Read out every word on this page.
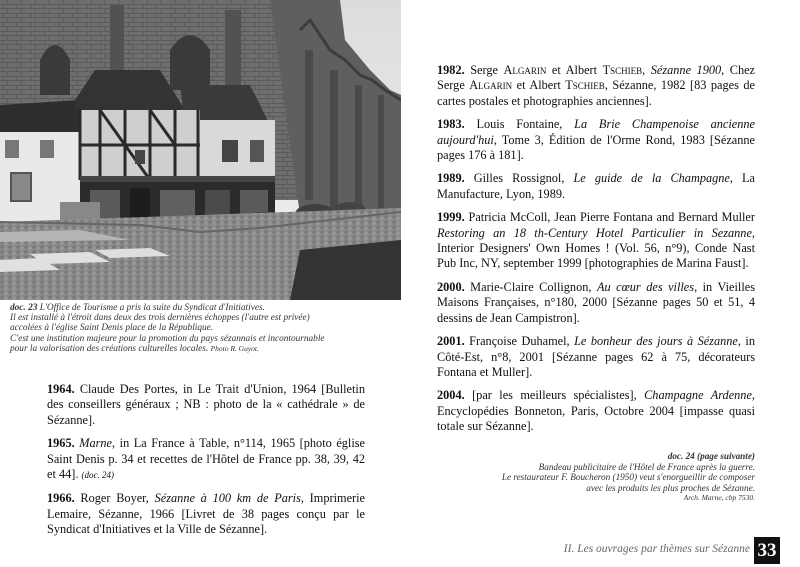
doc. 23 L'Office de Tourisme a pris la suite du Syndicat d'Initiatives.
Il est installé à l'étroit dans deux des trois dernières échoppes (l'autre est privée)
accolées à l'église Saint Denis place de la République.
C'est une institution majeure pour la promotion du pays sézannais et incontournable
pour la valorisation des créations culturelles locales. Photo R. Guyot.

1964. Claude Des Portes, in Le Trait d'Union, 1964 [Bulletin des conseillers généraux ; NB : photo de la « cathédrale » de Sézanne].

1965. Marne, in La France à Table, n°114, 1965 [photo église Saint Denis p. 34 et recettes de l'Hôtel de France pp. 38, 39, 42 et 44]. (doc. 24)

1966. Roger Boyer, Sézanne à 100 km de Paris, Imprimerie Lemaire, Sézanne, 1966 [Livret de 38 pages conçu par le Syndicat d'Initiatives et la Ville de Sézanne].

1982. Serge Algarin et Albert Tschieb, Sézanne 1900, Chez Serge Algarin et Albert Tschieb, Sézanne, 1982 [83 pages de cartes postales et photographies anciennes].

1983. Louis Fontaine, La Brie Champenoise ancienne aujourd'hui, Tome 3, Édition de l'Orme Rond, 1983 [Sézanne pages 176 à 181].

1989. Gilles Rossignol, Le guide de la Champagne, La Manufacture, Lyon, 1989.

1999. Patricia McColl, Jean Pierre Fontana and Bernard Muller Restoring an 18 th-Century Hotel Particulier in Sezanne, Interior Designers' Own Homes ! (Vol. 56, n°9), Conde Nast Pub Inc, NY, september 1999 [photographies de Marina Faust].

2000. Marie-Claire Collignon, Au cœur des villes, in Vieilles Maisons Françaises, n°180, 2000 [Sézanne pages 50 et 51, 4 dessins de Jean Campistron].

2001. Françoise Duhamel, Le bonheur des jours à Sézanne, in Côté-Est, n°8, 2001 [Sézanne pages 62 à 75, décorateurs Fontana et Muller].

2004. [par les meilleurs spécialistes], Champagne Ardenne, Encyclopédies Bonneton, Paris, Octobre 2004 [impasse quasi totale sur Sézanne].

doc. 24 (page suivante)
Bandeau publicitaire de l'Hôtel de France après la guerre.
Le restaurateur F. Boucheron (1950) veut s'enorgueillir de composer
avec les produits les plus proches de Sézanne.
Arch. Marne, cbp 7530.
II. Les ouvrages par thèmes sur Sézanne 33
